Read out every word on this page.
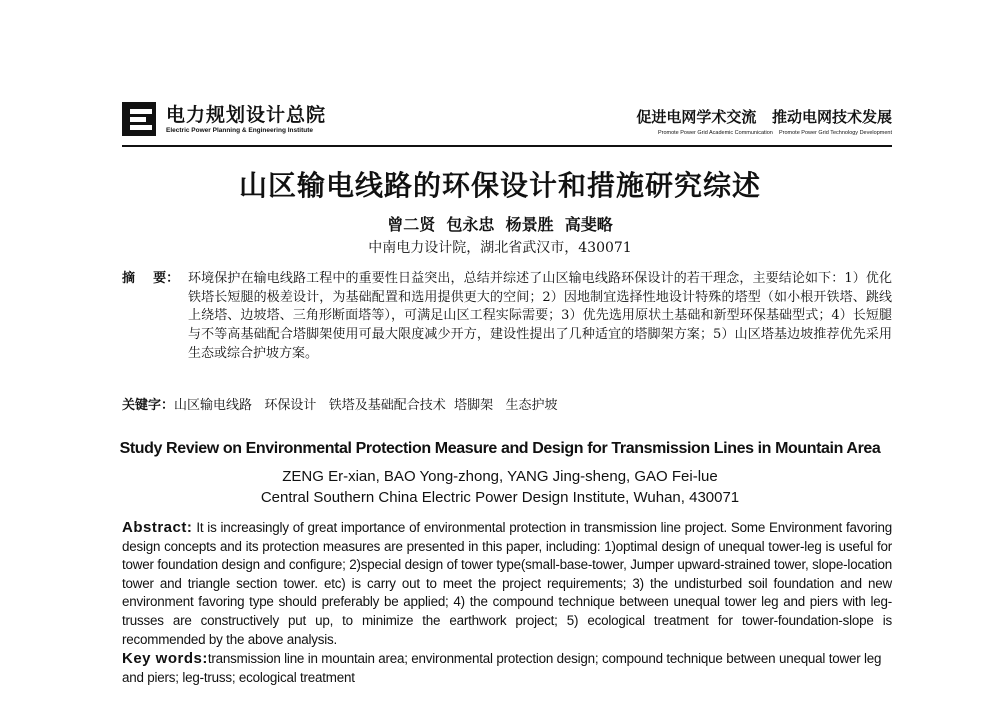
电力规划设计总院
Electric Power Planning & Engineering Institute
促进电网学术交流   推动电网技术发展
Promote Power Grid Academic Communication    Promote Power Grid Technology Development
山区输电线路的环保设计和措施研究综述
曾二贤  包永忠  杨景胜  高斐略
中南电力设计院，湖北省武汉市，430071
摘    要： 环境保护在输电线路工程中的重要性日益突出，总结并综述了山区输电线路环保设计的若干理念，主要结论如下：1）优化铁塔长短腿的极差设计，为基础配置和选用提供更大的空间；2）因地制宜选择性地设计特殊的塔型（如小根开铁塔、跳线上绕塔、边坡塔、三角形断面塔等），可满足山区工程实际需要；3）优先选用原状土基础和新型环保基础型式；4）长短腿与不等高基础配合塔脚架使用可最大限度减少开方，建设性提出了几种适宜的塔脚架方案；5）山区塔基边坡推荐优先采用生态或综合护坡方案。
关键字：山区输电线路   环保设计   铁塔及基础配合技术  塔脚架   生态护坡
Study Review on Environmental Protection Measure and Design for Transmission Lines in Mountain Area
ZENG Er-xian, BAO Yong-zhong, YANG Jing-sheng, GAO Fei-lue
Central Southern China Electric Power Design Institute, Wuhan, 430071
Abstract: It is increasingly of great importance of environmental protection in transmission line project. Some Environment favoring design concepts and its protection measures are presented in this paper, including: 1)optimal design of unequal tower-leg is useful for tower foundation design and configure; 2)special design of tower type(small-base-tower, Jumper upward-strained tower, slope-location tower and triangle section tower. etc) is carry out to meet the project requirements; 3) the undisturbed soil foundation and new environment favoring type should preferably be applied; 4) the compound technique between unequal tower leg and piers with leg-trusses are constructively put up, to minimize the earthwork project; 5) ecological treatment for tower-foundation-slope is recommended by the above analysis.
Key words:transmission line in mountain area; environmental protection design; compound technique between unequal tower leg and piers; leg-truss; ecological treatment
